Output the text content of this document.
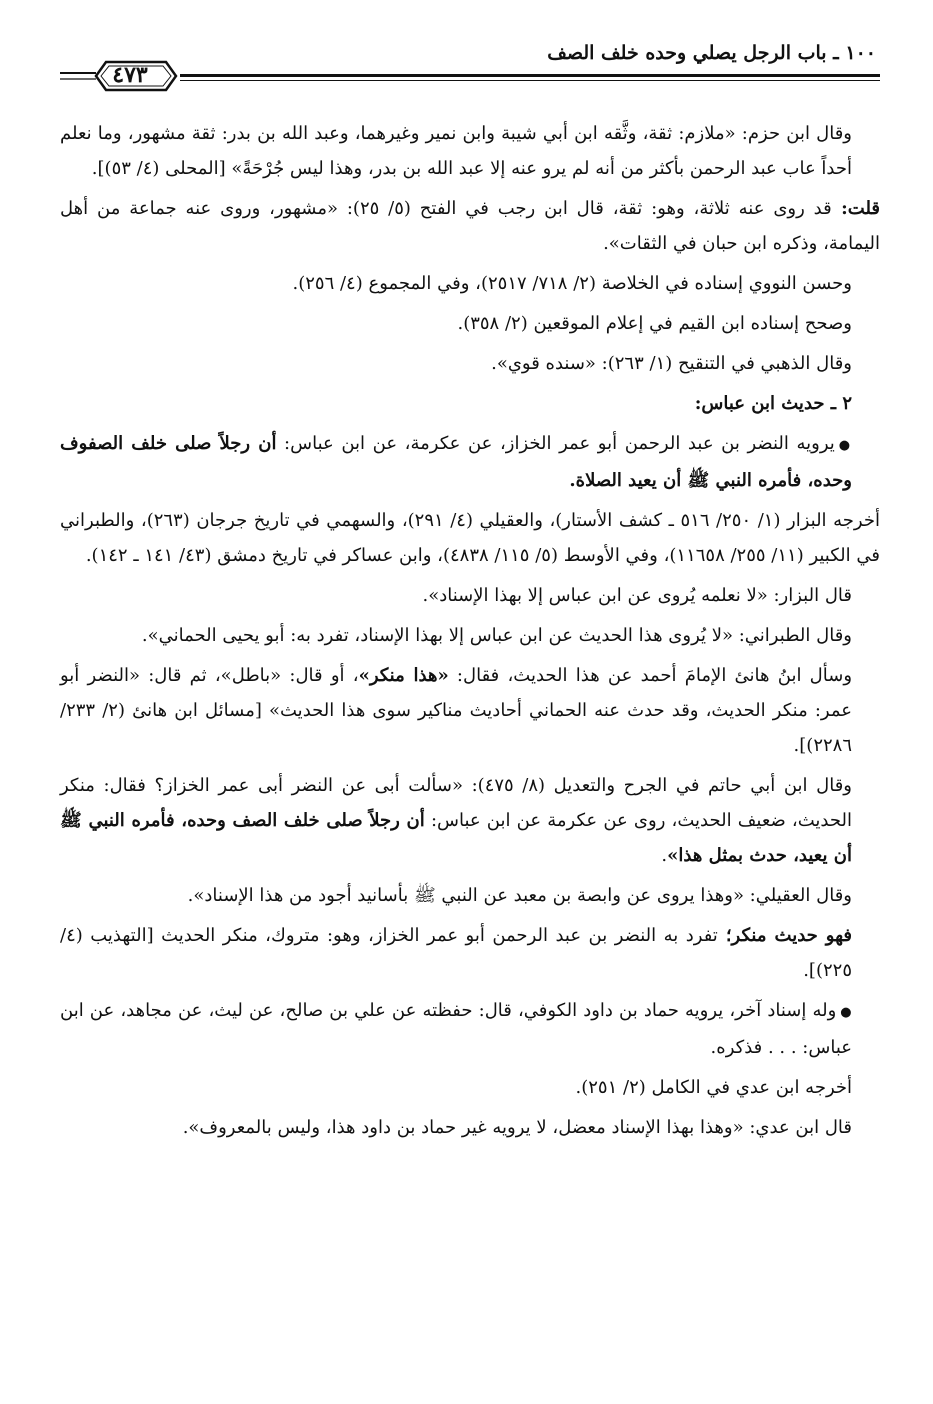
١٠٠ ـ باب الرجل يصلي وحده خلف الصف
٤٧٣

وقال ابن حزم: «ملازم: ثقة، وثَّقه ابن أبي شيبة وابن نمير وغيرهما، وعبد الله بن بدر: ثقة مشهور، وما نعلم أحداً عاب عبد الرحمن بأكثر من أنه لم يرو عنه إلا عبد الله بن بدر، وهذا ليس جُرْحَةً» [المحلى (٤/ ٥٣)].

قلت: قد روى عنه ثلاثة، وهو: ثقة، قال ابن رجب في الفتح (٥/ ٢٥): «مشهور، وروى عنه جماعة من أهل اليمامة، وذكره ابن حبان في الثقات».

وحسن النووي إسناده في الخلاصة (٢/ ٧١٨/ ٢٥١٧)، وفي المجموع (٤/ ٢٥٦).

وصحح إسناده ابن القيم في إعلام الموقعين (٢/ ٣٥٨).

وقال الذهبي في التنقيح (١/ ٢٦٣): «سنده قوي».

٢ ـ حديث ابن عباس:

●يرويه النضر بن عبد الرحمن أبو عمر الخزاز، عن عكرمة، عن ابن عباس: أن رجلاً صلى خلف الصفوف وحده، فأمره النبي ﷺ أن يعيد الصلاة.

أخرجه البزار (١/ ٢٥٠/ ٥١٦ ـ كشف الأستار)، والعقيلي (٤/ ٢٩١)، والسهمي في تاريخ جرجان (٢٦٣)، والطبراني في الكبير (١١/ ٢٥٥/ ١١٦٥٨)، وفي الأوسط (٥/ ١١٥/ ٤٨٣٨)، وابن عساكر في تاريخ دمشق (٤٣/ ١٤١ ـ ١٤٢).

قال البزار: «لا نعلمه يُروى عن ابن عباس إلا بهذا الإسناد».

وقال الطبراني: «لا يُروى هذا الحديث عن ابن عباس إلا بهذا الإسناد، تفرد به: أبو يحيى الحماني».

وسأل ابنُ هانئ الإمامَ أحمد عن هذا الحديث، فقال: «هذا منكر»، أو قال: «باطل»، ثم قال: «النضر أبو عمر: منكر الحديث، وقد حدث عنه الحماني أحاديث مناكير سوى هذا الحديث» [مسائل ابن هانئ (٢/ ٢٣٣/ ٢٢٨٦)].

وقال ابن أبي حاتم في الجرح والتعديل (٨/ ٤٧٥): «سألت أبى عن النضر أبى عمر الخزاز؟ فقال: منكر الحديث، ضعيف الحديث، روى عن عكرمة عن ابن عباس: أن رجلاً صلى خلف الصف وحده، فأمره النبي ﷺ أن يعيد، حدث بمثل هذا».

وقال العقيلي: «وهذا يروى عن وابصة بن معبد عن النبي ﷺ بأسانيد أجود من هذا الإسناد».

فهو حديث منكر؛ تفرد به النضر بن عبد الرحمن أبو عمر الخزاز، وهو: متروك، منكر الحديث [التهذيب (٤/ ٢٢٥)].

●وله إسناد آخر، يرويه حماد بن داود الكوفي، قال: حفظته عن علي بن صالح، عن ليث، عن مجاهد، عن ابن عباس: . . . فذكره.

أخرجه ابن عدي في الكامل (٢/ ٢٥١).

قال ابن عدي: «وهذا بهذا الإسناد معضل، لا يرويه غير حماد بن داود هذا، وليس بالمعروف».
